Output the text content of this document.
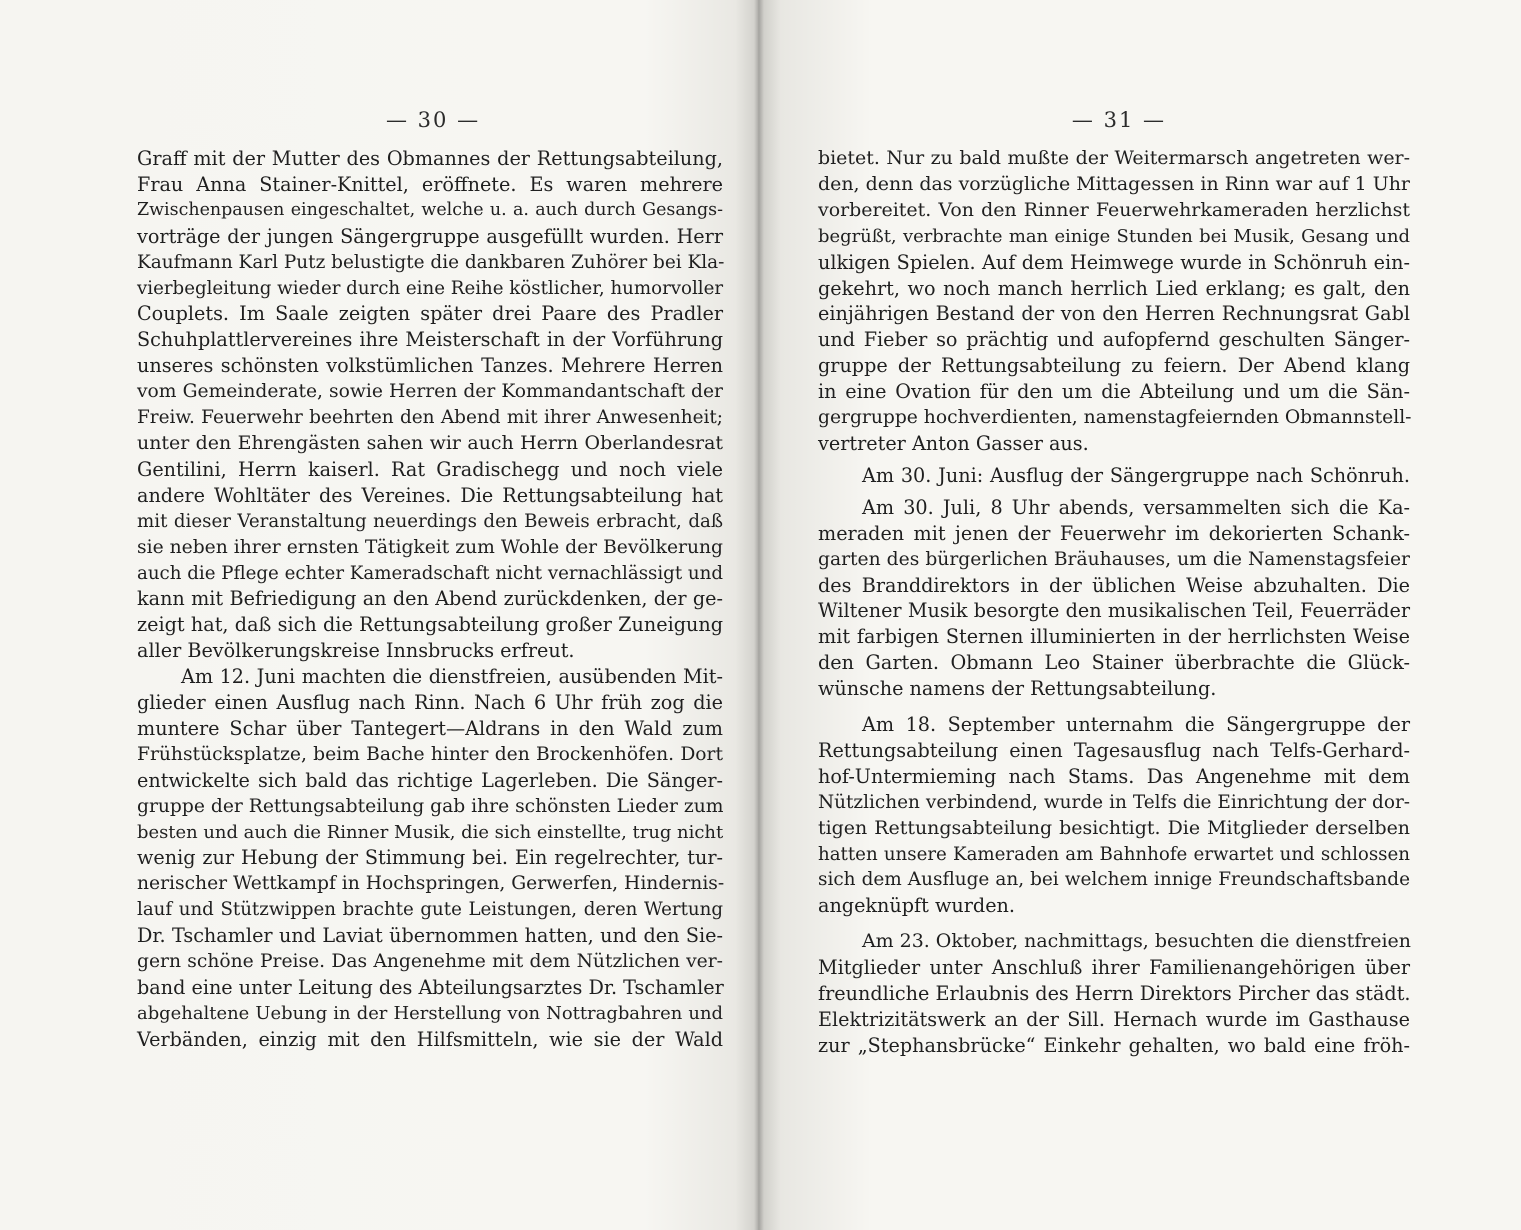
— 30 —
Graff mit der Mutter des Obmannes der Rettungsabteilung,
Frau Anna Stainer-Knittel, eröffnete. Es waren mehrere
Zwischenpausen eingeschaltet, welche u. a. auch durch Gesangs-
vorträge der jungen Sängergruppe ausgefüllt wurden. Herr
Kaufmann Karl Putz belustigte die dankbaren Zuhörer bei Kla-
vierbegleitung wieder durch eine Reihe köstlicher, humorvoller
Couplets. Im Saale zeigten später drei Paare des Pradler
Schuhplattlervereines ihre Meisterschaft in der Vorführung
unseres schönsten volkstümlichen Tanzes. Mehrere Herren
vom Gemeinderate, sowie Herren der Kommandantschaft der
Freiw. Feuerwehr beehrten den Abend mit ihrer Anwesenheit;
unter den Ehrengästen sahen wir auch Herrn Oberlandesrat
Gentilini, Herrn kaiserl. Rat Gradischegg und noch viele
andere Wohltäter des Vereines. Die Rettungsabteilung hat
mit dieser Veranstaltung neuerdings den Beweis erbracht, daß
sie neben ihrer ernsten Tätigkeit zum Wohle der Bevölkerung
auch die Pflege echter Kameradschaft nicht vernachlässigt und
kann mit Befriedigung an den Abend zurückdenken, der ge-
zeigt hat, daß sich die Rettungsabteilung großer Zuneigung
aller Bevölkerungskreise Innsbrucks erfreut.
Am 12. Juni machten die dienstfreien, ausübenden Mit-
glieder einen Ausflug nach Rinn. Nach 6 Uhr früh zog die
muntere Schar über Tantegert—Aldrans in den Wald zum
Frühstücksplatze, beim Bache hinter den Brockenhöfen. Dort
entwickelte sich bald das richtige Lagerleben. Die Sänger-
gruppe der Rettungsabteilung gab ihre schönsten Lieder zum
besten und auch die Rinner Musik, die sich einstellte, trug nicht
wenig zur Hebung der Stimmung bei. Ein regelrechter, tur-
nerischer Wettkampf in Hochspringen, Gerwerfen, Hindernis-
lauf und Stützwippen brachte gute Leistungen, deren Wertung
Dr. Tschamler und Laviat übernommen hatten, und den Sie-
gern schöne Preise. Das Angenehme mit dem Nützlichen ver-
band eine unter Leitung des Abteilungsarztes Dr. Tschamler
abgehaltene Uebung in der Herstellung von Nottragbahren und
Verbänden, einzig mit den Hilfsmitteln, wie sie der Wald
— 31 —
bietet. Nur zu bald mußte der Weitermarsch angetreten wer-
den, denn das vorzügliche Mittagessen in Rinn war auf 1 Uhr
vorbereitet. Von den Rinner Feuerwehrkameraden herzlichst
begrüßt, verbrachte man einige Stunden bei Musik, Gesang und
ulkigen Spielen. Auf dem Heimwege wurde in Schönruh ein-
gekehrt, wo noch manch herrlich Lied erklang; es galt, den
einjährigen Bestand der von den Herren Rechnungsrat Gabl
und Fieber so prächtig und aufopfernd geschulten Sänger-
gruppe der Rettungsabteilung zu feiern. Der Abend klang
in eine Ovation für den um die Abteilung und um die Sän-
gergruppe hochverdienten, namenstagfeiernden Obmannstell-
vertreter Anton Gasser aus.
Am 30. Juni: Ausflug der Sängergruppe nach Schönruh.
Am 30. Juli, 8 Uhr abends, versammelten sich die Ka-
meraden mit jenen der Feuerwehr im dekorierten Schank-
garten des bürgerlichen Bräuhauses, um die Namenstagsfeier
des Branddirektors in der üblichen Weise abzuhalten. Die
Wiltener Musik besorgte den musikalischen Teil, Feuerräder
mit farbigen Sternen illuminierten in der herrlichsten Weise
den Garten. Obmann Leo Stainer überbrachte die Glück-
wünsche namens der Rettungsabteilung.
Am 18. September unternahm die Sängergruppe der
Rettungsabteilung einen Tagesausflug nach Telfs-Gerhard-
hof-Untermieming nach Stams. Das Angenehme mit dem
Nützlichen verbindend, wurde in Telfs die Einrichtung der dor-
tigen Rettungsabteilung besichtigt. Die Mitglieder derselben
hatten unsere Kameraden am Bahnhofe erwartet und schlossen
sich dem Ausfluge an, bei welchem innige Freundschaftsbande
angeknüpft wurden.
Am 23. Oktober, nachmittags, besuchten die dienstfreien
Mitglieder unter Anschluß ihrer Familienangehörigen über
freundliche Erlaubnis des Herrn Direktors Pircher das städt.
Elektrizitätswerk an der Sill. Hernach wurde im Gasthause
zur „Stephansbrücke“ Einkehr gehalten, wo bald eine fröh-
